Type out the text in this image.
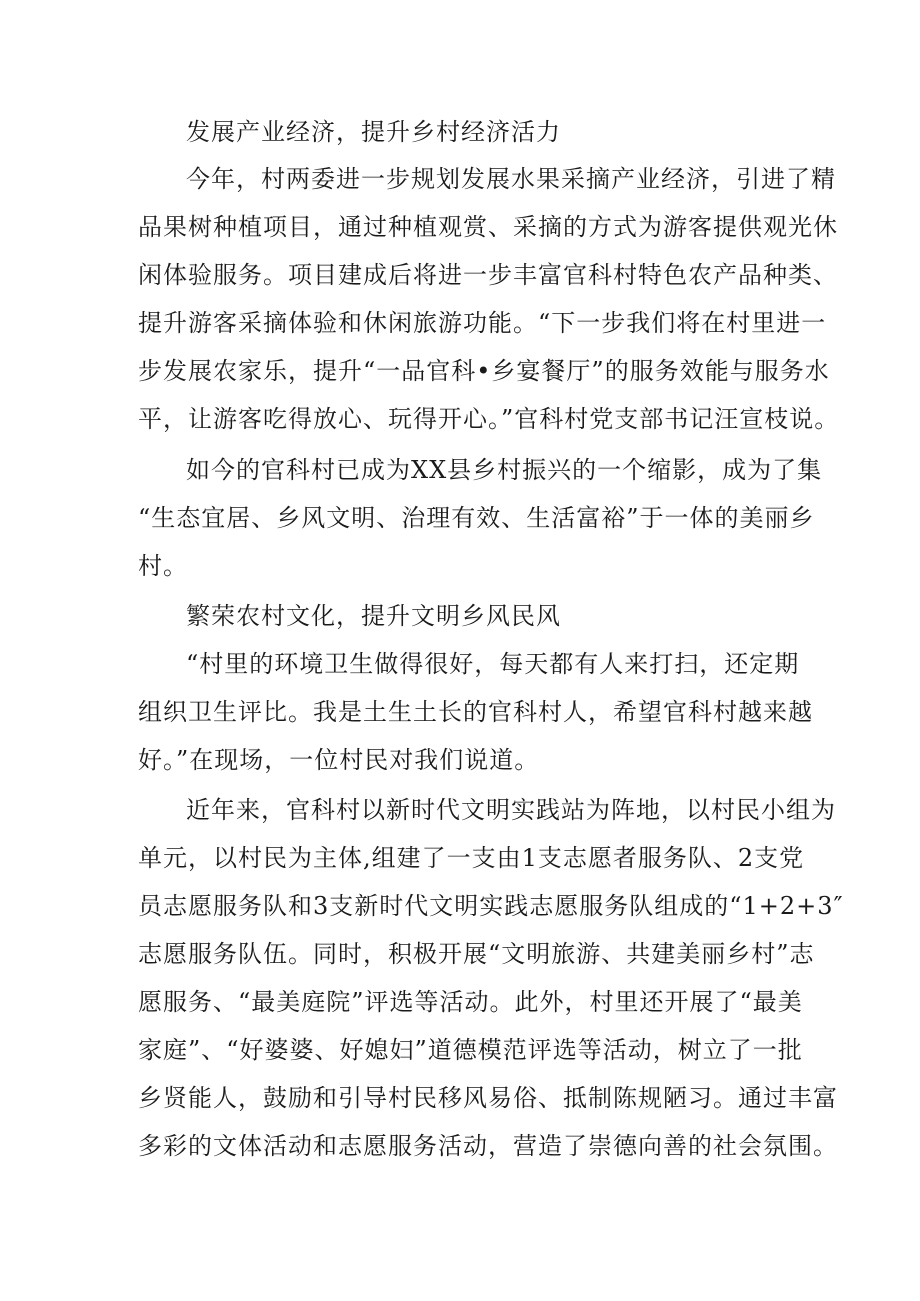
发展产业经济，提升乡村经济活力
今年，村两委进一步规划发展水果采摘产业经济，引进了精
品果树种植项目，通过种植观赏、采摘的方式为游客提供观光休
闲体验服务。项目建成后将进一步丰富官科村特色农产品种类、
提升游客采摘体验和休闲旅游功能。“下一步我们将在村里进一
步发展农家乐，提升“一品官科•乡宴餐厅”的服务效能与服务水
平，让游客吃得放心、玩得开心。”官科村党支部书记汪宣枝说。
如今的官科村已成为XX县乡村振兴的一个缩影，成为了集
“生态宜居、乡风文明、治理有效、生活富裕”于一体的美丽乡
村。
繁荣农村文化，提升文明乡风民风
“村里的环境卫生做得很好，每天都有人来打扫，还定期
组织卫生评比。我是土生土长的官科村人，希望官科村越来越
好。”在现场，一位村民对我们说道。
近年来，官科村以新时代文明实践站为阵地，以村民小组为
单元，以村民为主体,组建了一支由1支志愿者服务队、2支党
员志愿服务队和3支新时代文明实践志愿服务队组成的“1+2+3″
志愿服务队伍。同时，积极开展“文明旅游、共建美丽乡村”志
愿服务、“最美庭院”评选等活动。此外，村里还开展了“最美
家庭”、“好婆婆、好媳妇”道德模范评选等活动，树立了一批
乡贤能人，鼓励和引导村民移风易俗、抵制陈规陋习。通过丰富
多彩的文体活动和志愿服务活动，营造了崇德向善的社会氛围。
